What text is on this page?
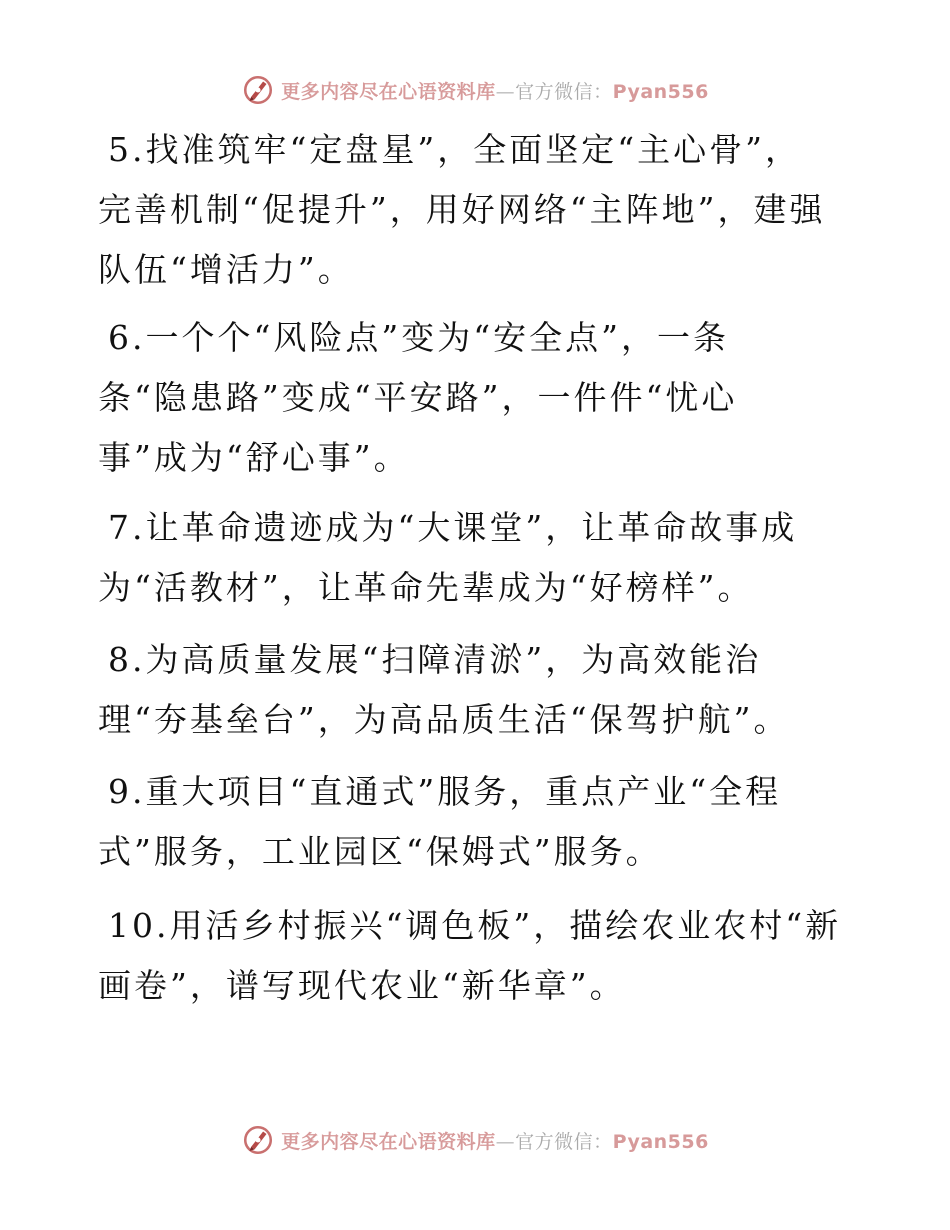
更多内容尽在心语资料库—官方微信：Pyan556
5.找准筑牢“定盘星”，全面坚定“主心骨”，
完善机制“促提升”，用好网络“主阵地”，建强
队伍“增活力”。
6.一个个“风险点”变为“安全点”，一条
条“隐患路”变成“平安路”，一件件“忧心
事”成为“舒心事”。
7.让革命遗迹成为“大课堂”，让革命故事成
为“活教材”，让革命先辈成为“好榜样”。
8.为高质量发展“扫障清淤”，为高效能治
理“夯基垒台”，为高品质生活“保驾护航”。
9.重大项目“直通式”服务，重点产业“全程
式”服务，工业园区“保姆式”服务。
10.用活乡村振兴“调色板”，描绘农业农村“新
画卷”，谱写现代农业“新华章”。
更多内容尽在心语资料库—官方微信：Pyan556
